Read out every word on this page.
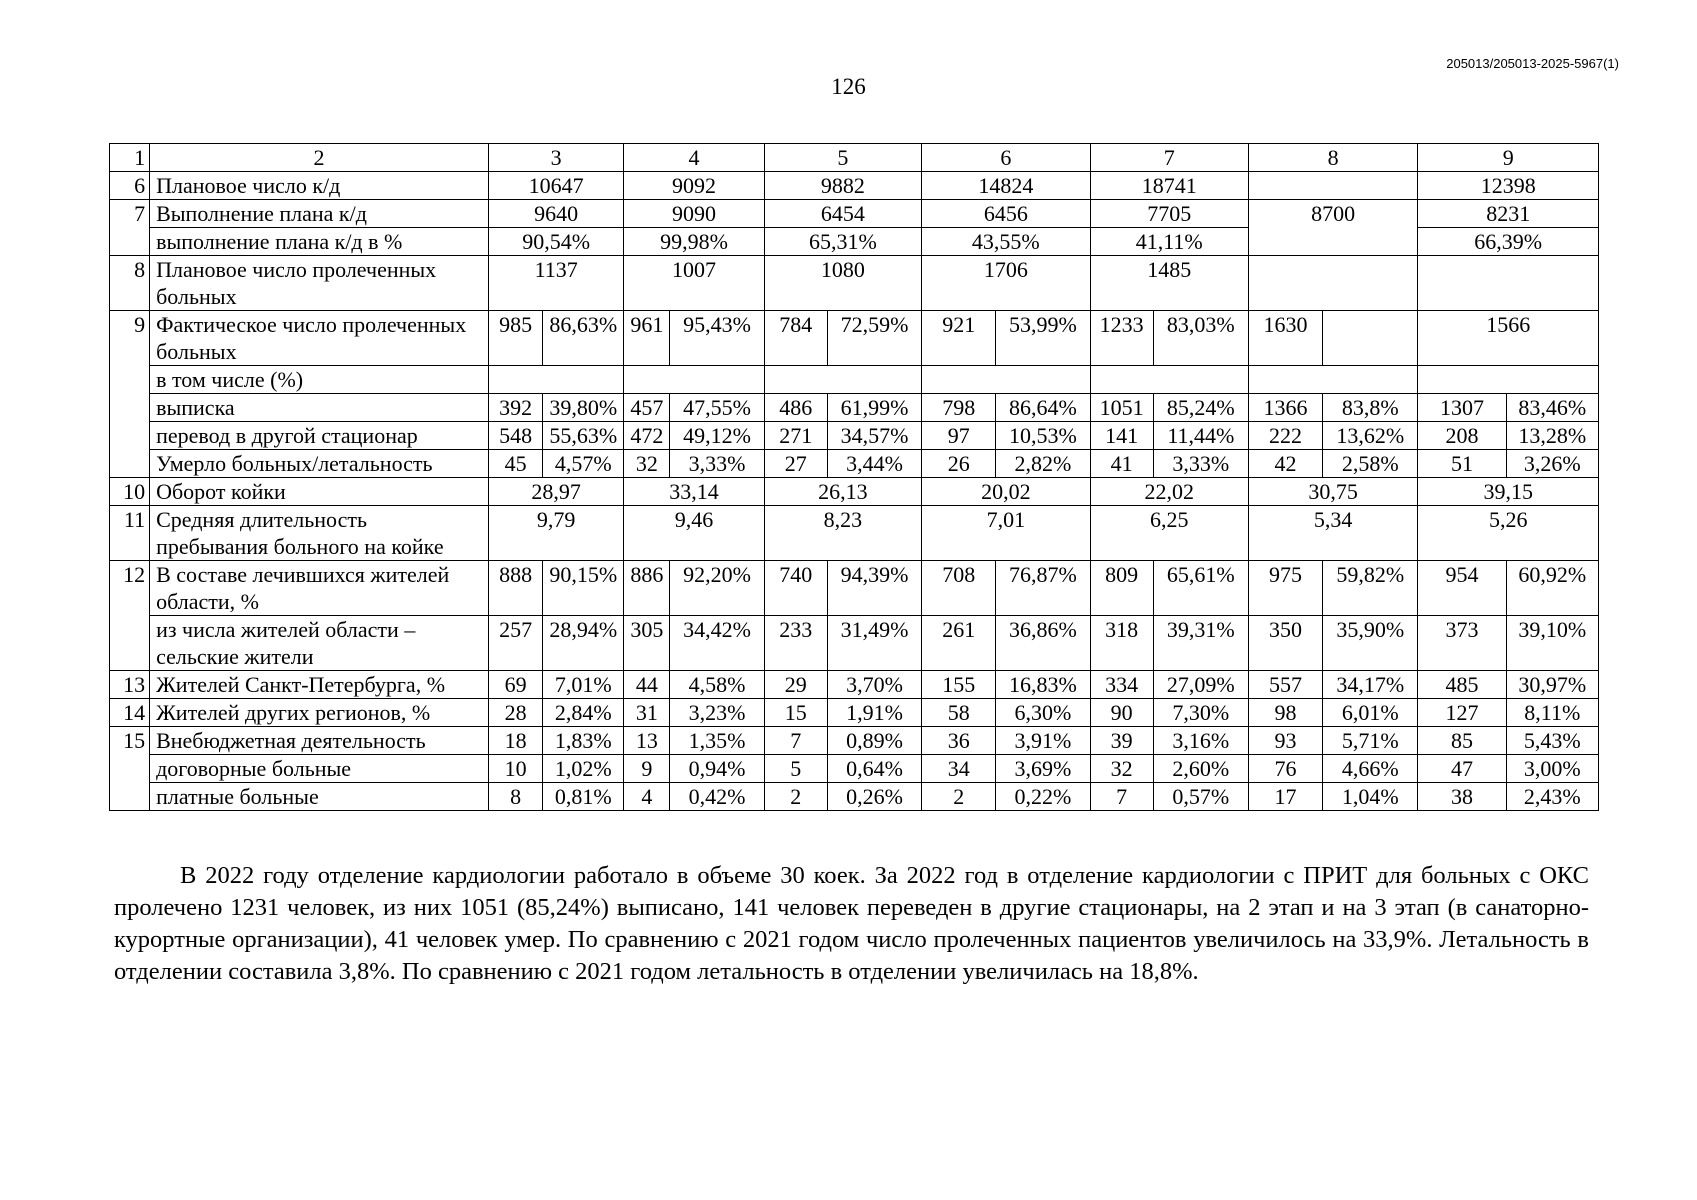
205013/205013-2025-5967(1)
126
1	2	3		4		5		6		7		8		9	
6	Плановое число к/д	10647		9092		9882		14824		18741				12398	
7	Выполнение плана к/д	9640		9090		6454		6456		7705		8700		8231	
	выполнение плана к/д в %	90,54%		99,98%		65,31%		43,55%		41,11%				66,39%	
8	Плановое число пролеченных больных	1137		1007		1080		1706		1485					
9	Фактическое число пролеченных больных	985	86,63%	961	95,43%	784	72,59%	921	53,99%	1233	83,03%	1630		1566	
	в том числе (%)														
	выписка	392	39,80%	457	47,55%	486	61,99%	798	86,64%	1051	85,24%	1366	83,8%	1307	83,46%
	перевод в другой стационар	548	55,63%	472	49,12%	271	34,57%	97	10,53%	141	11,44%	222	13,62%	208	13,28%
	Умерло больных/летальность	45	4,57%	32	3,33%	27	3,44%	26	2,82%	41	3,33%	42	2,58%	51	3,26%
10	Оборот койки	28,97		33,14		26,13		20,02		22,02		30,75		39,15	
11	Средняя длительность пребывания больного на койке	9,79		9,46		8,23		7,01		6,25		5,34		5,26	
12	В составе лечившихся жителей области, %	888	90,15%	886	92,20%	740	94,39%	708	76,87%	809	65,61%	975	59,82%	954	60,92%
	из числа жителей области – сельские жители	257	28,94%	305	34,42%	233	31,49%	261	36,86%	318	39,31%	350	35,90%	373	39,10%
13	Жителей Санкт-Петербурга, %	69	7,01%	44	4,58%	29	3,70%	155	16,83%	334	27,09%	557	34,17%	485	30,97%
14	Жителей других регионов, %	28	2,84%	31	3,23%	15	1,91%	58	6,30%	90	7,30%	98	6,01%	127	8,11%
15	Внебюджетная деятельность	18	1,83%	13	1,35%	7	0,89%	36	3,91%	39	3,16%	93	5,71%	85	5,43%
	договорные больные	10	1,02%	9	0,94%	5	0,64%	34	3,69%	32	2,60%	76	4,66%	47	3,00%
	платные больные	8	0,81%	4	0,42%	2	0,26%	2	0,22%	7	0,57%	17	1,04%	38	2,43%

В 2022 году отделение кардиологии работало в объеме 30 коек. За 2022 год в отделение кардиологии с ПРИТ для больных с ОКС пролечено 1231 человек, из них 1051 (85,24%) выписано, 141 человек переведен в другие стационары, на 2 этап и на 3 этап (в санаторно-курортные организации), 41 человек умер. По сравнению с 2021 годом число пролеченных пациентов увеличилось на 33,9%. Летальность в отделении составила 3,8%. По сравнению с 2021 годом летальность в отделении увеличилась на 18,8%.
